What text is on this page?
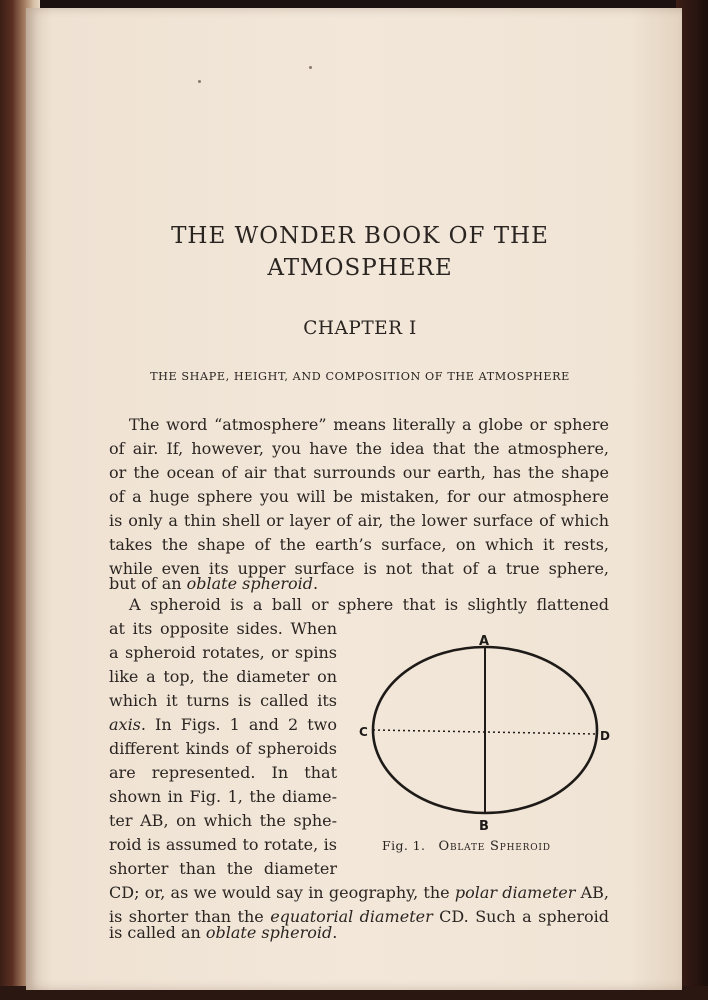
THE WONDER BOOK OF THE
ATMOSPHERE
CHAPTER I
THE SHAPE, HEIGHT, AND COMPOSITION OF THE ATMOSPHERE

The word “atmosphere” means literally a globe or sphere

of air. If, however, you have the idea that the atmosphere,

or the ocean of air that surrounds our earth, has the shape

of a huge sphere you will be mistaken, for our atmosphere

is only a thin shell or layer of air, the lower surface of which

takes the shape of the earth’s surface, on which it rests,

while even its upper surface is not that of a true sphere,

but of an oblate spheroid.

A spheroid is a ball or sphere that is slightly flattened

at its opposite sides. When

a spheroid rotates, or spins

like a top, the diameter on

which it turns is called its

axis. In Figs. 1 and 2 two

different kinds of spheroids

are represented. In that

shown in Fig. 1, the diame-

ter AB, on which the sphe-

roid is assumed to rotate, is

shorter than the diameter

CD; or, as we would say in geography, the polar diameter AB,

is shorter than the equatorial diameter CD. Such a spheroid

is called an oblate spheroid.

A
B
C	D
Fig. 1. Oblate Spheroid
